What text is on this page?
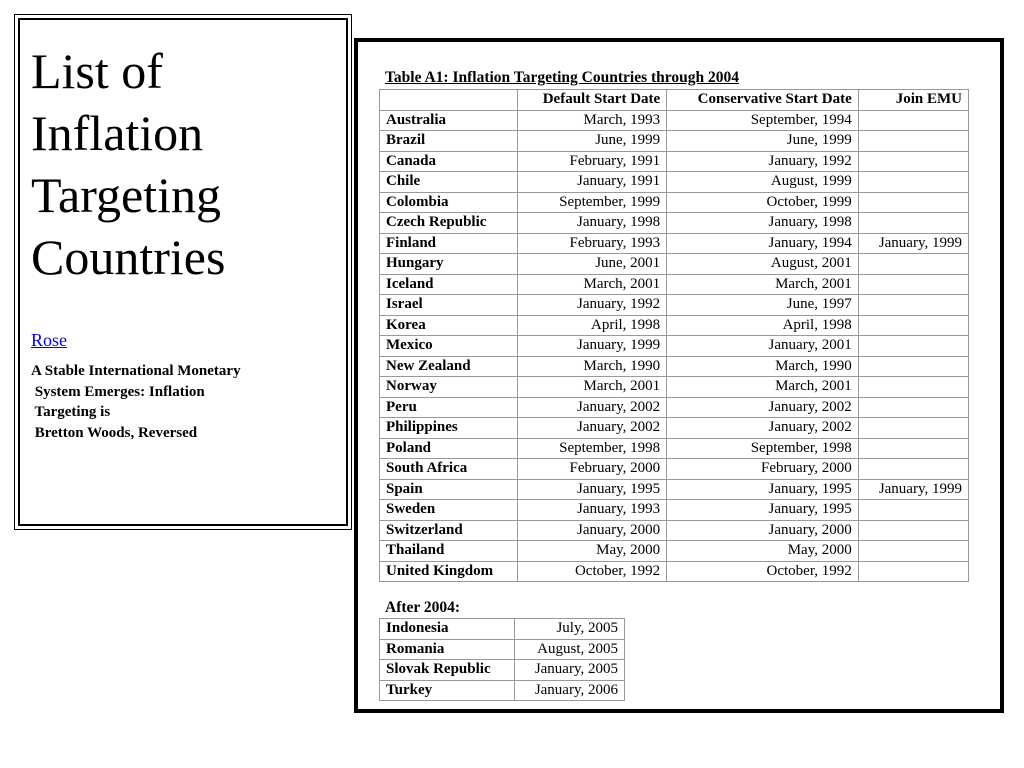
List of
Inflation
Targeting
Countries
Rose
A Stable International Monetary
System Emerges: Inflation
Targeting is
Bretton Woods, Reversed
Table A1: Inflation Targeting Countries through 2004
	Default Start Date	Conservative Start Date	Join EMU
Australia	March, 1993	September, 1994	
Brazil	June, 1999	June, 1999	
Canada	February, 1991	January, 1992	
Chile	January, 1991	August, 1999	
Colombia	September, 1999	October, 1999	
Czech Republic	January, 1998	January, 1998	
Finland	February, 1993	January, 1994	January, 1999
Hungary	June, 2001	August, 2001	
Iceland	March, 2001	March, 2001	
Israel	January, 1992	June, 1997	
Korea	April, 1998	April, 1998	
Mexico	January, 1999	January, 2001	
New Zealand	March, 1990	March, 1990	
Norway	March, 2001	March, 2001	
Peru	January, 2002	January, 2002	
Philippines	January, 2002	January, 2002	
Poland	September, 1998	September, 1998	
South Africa	February, 2000	February, 2000	
Spain	January, 1995	January, 1995	January, 1999
Sweden	January, 1993	January, 1995	
Switzerland	January, 2000	January, 2000	
Thailand	May, 2000	May, 2000	
United Kingdom	October, 1992	October, 1992	
After 2004:
Indonesia	July, 2005
Romania	August, 2005
Slovak Republic	January, 2005
Turkey	January, 2006
